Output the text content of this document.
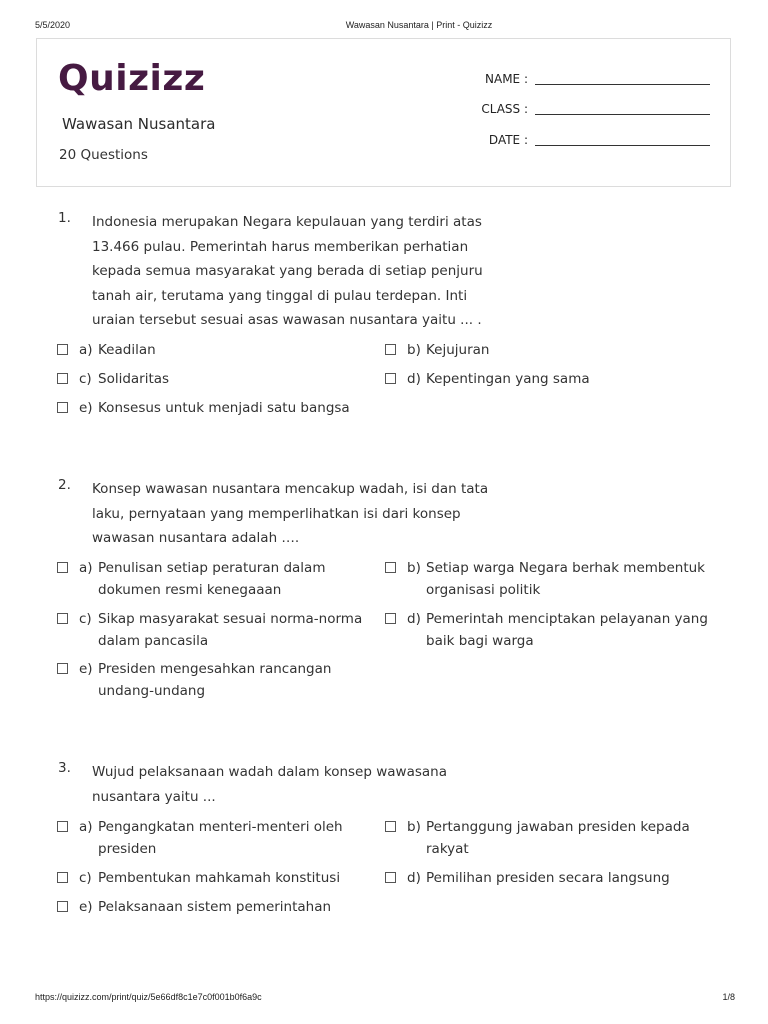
5/5/2020	Wawasan Nusantara | Print - Quizizz
Quizizz
Wawasan Nusantara
20 Questions
NAME :
CLASS :
DATE :
1. Indonesia merupakan Negara kepulauan yang terdiri atas 13.466 pulau. Pemerintah harus memberikan perhatian kepada semua masyarakat yang berada di setiap penjuru tanah air, terutama yang tinggal di pulau terdepan. Inti uraian tersebut sesuai asas wawasan nusantara yaitu ... .
a) Keadilan	b) Kejujuran
c) Solidaritas	d) Kepentingan yang sama
e) Konsesus untuk menjadi satu bangsa
2. Konsep wawasan nusantara mencakup wadah, isi dan tata laku, pernyataan yang memperlihatkan isi dari konsep wawasan nusantara adalah ….
a) Penulisan setiap peraturan dalam dokumen resmi kenegaaan
b) Setiap warga Negara berhak membentuk organisasi politik
c) Sikap masyarakat sesuai norma-norma dalam pancasila
d) Pemerintah menciptakan pelayanan yang baik bagi warga
e) Presiden mengesahkan rancangan undang-undang
3. Wujud pelaksanaan wadah dalam konsep wawasana nusantara yaitu ...
a) Pengangkatan menteri-menteri oleh presiden
b) Pertanggung jawaban presiden kepada rakyat
c) Pembentukan mahkamah konstitusi	d) Pemilihan presiden secara langsung
e) Pelaksanaan sistem pemerintahan
https://quizizz.com/print/quiz/5e66df8c1e7c0f001b0f6a9c	1/8
